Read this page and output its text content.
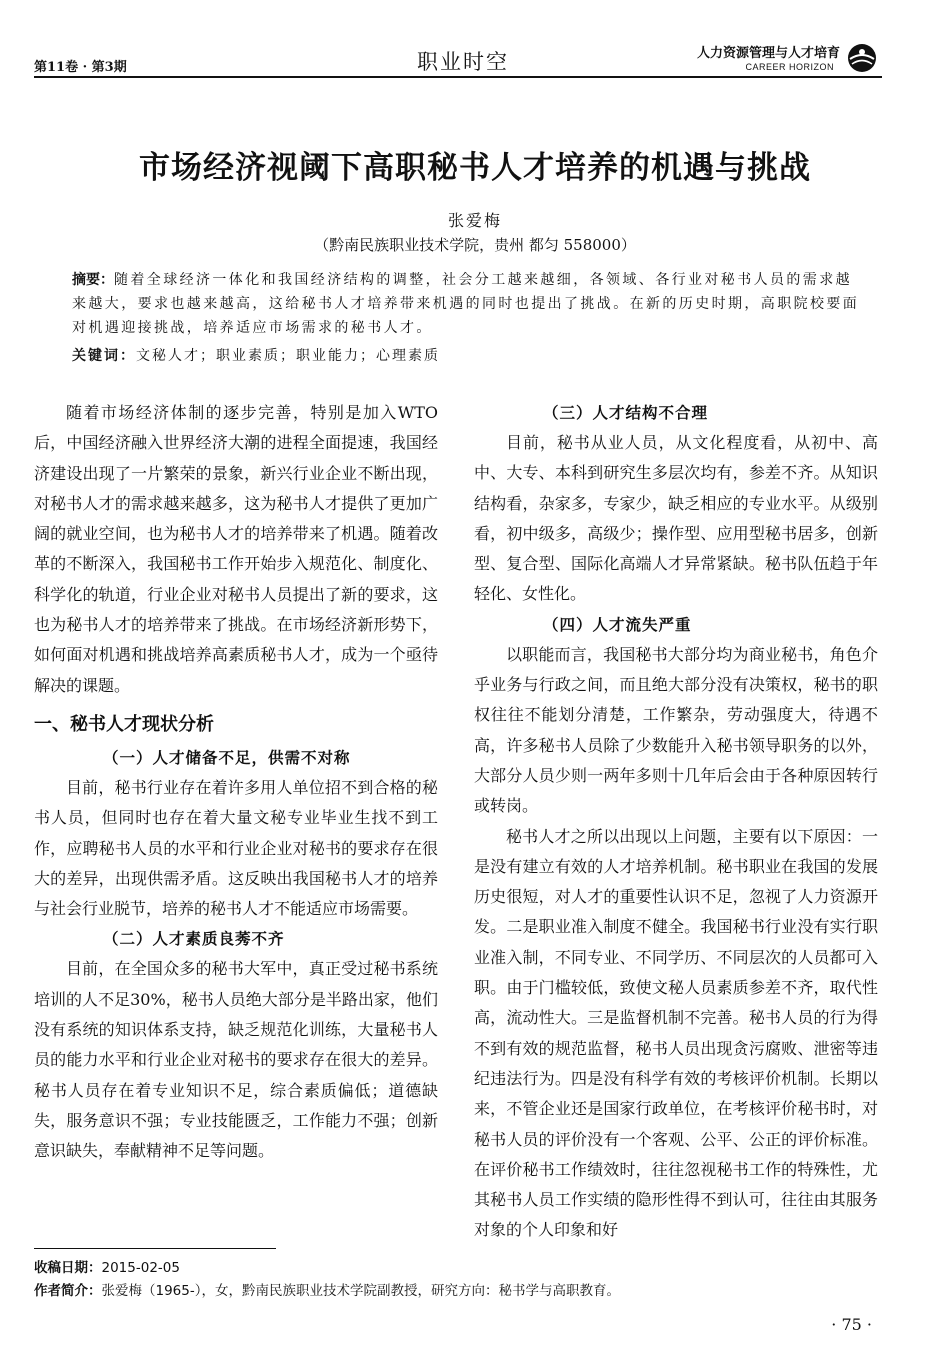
第11卷 · 第3期	职业时空	人力资源管理与人才培育
CAREER HORIZON
市场经济视阈下高职秘书人才培养的机遇与挑战
张爱梅
（黔南民族职业技术学院，贵州 都匀 558000）
摘要：随着全球经济一体化和我国经济结构的调整，社会分工越来越细，各领域、各行业对秘书人员的需求越来越大，要求也越来越高，这给秘书人才培养带来机遇的同时也提出了挑战。在新的历史时期，高职院校要面对机遇迎接挑战，培养适应市场需求的秘书人才。
关键词：文秘人才；职业素质；职业能力；心理素质

随着市场经济体制的逐步完善，特别是加入WTO后，中国经济融入世界经济大潮的进程全面提速，我国经济建设出现了一片繁荣的景象，新兴行业企业不断出现，对秘书人才的需求越来越多，这为秘书人才提供了更加广阔的就业空间，也为秘书人才的培养带来了机遇。随着改革的不断深入，我国秘书工作开始步入规范化、制度化、科学化的轨道，行业企业对秘书人员提出了新的要求，这也为秘书人才的培养带来了挑战。在市场经济新形势下，如何面对机遇和挑战培养高素质秘书人才，成为一个亟待解决的课题。

一、秘书人才现状分析

（一）人才储备不足，供需不对称

目前，秘书行业存在着许多用人单位招不到合格的秘书人员，但同时也存在着大量文秘专业毕业生找不到工作，应聘秘书人员的水平和行业企业对秘书的要求存在很大的差异，出现供需矛盾。这反映出我国秘书人才的培养与社会行业脱节，培养的秘书人才不能适应市场需要。

（二）人才素质良莠不齐

目前，在全国众多的秘书大军中，真正受过秘书系统培训的人不足30%，秘书人员绝大部分是半路出家，他们没有系统的知识体系支持，缺乏规范化训练，大量秘书人员的能力水平和行业企业对秘书的要求存在很大的差异。秘书人员存在着专业知识不足，综合素质偏低；道德缺失，服务意识不强；专业技能匮乏，工作能力不强；创新意识缺失，奉献精神不足等问题。

（三）人才结构不合理

目前，秘书从业人员，从文化程度看，从初中、高中、大专、本科到研究生多层次均有，参差不齐。从知识结构看，杂家多，专家少，缺乏相应的专业水平。从级别看，初中级多，高级少；操作型、应用型秘书居多，创新型、复合型、国际化高端人才异常紧缺。秘书队伍趋于年轻化、女性化。

（四）人才流失严重

以职能而言，我国秘书大部分均为商业秘书，角色介乎业务与行政之间，而且绝大部分没有决策权，秘书的职权往往不能划分清楚，工作繁杂，劳动强度大，待遇不高，许多秘书人员除了少数能升入秘书领导职务的以外，大部分人员少则一两年多则十几年后会由于各种原因转行或转岗。

秘书人才之所以出现以上问题，主要有以下原因：一是没有建立有效的人才培养机制。秘书职业在我国的发展历史很短，对人才的重要性认识不足，忽视了人力资源开发。二是职业准入制度不健全。我国秘书行业没有实行职业准入制，不同专业、不同学历、不同层次的人员都可入职。由于门槛较低，致使文秘人员素质参差不齐，取代性高，流动性大。三是监督机制不完善。秘书人员的行为得不到有效的规范监督，秘书人员出现贪污腐败、泄密等违纪违法行为。四是没有科学有效的考核评价机制。长期以来，不管企业还是国家行政单位，在考核评价秘书时，对秘书人员的评价没有一个客观、公平、公正的评价标准。在评价秘书工作绩效时，往往忽视秘书工作的特殊性，尤其秘书人员工作实绩的隐形性得不到认可，往往由其服务对象的个人印象和好

收稿日期：2015-02-05
作者简介：张爱梅（1965-），女，黔南民族职业技术学院副教授，研究方向：秘书学与高职教育。
· 75 ·
